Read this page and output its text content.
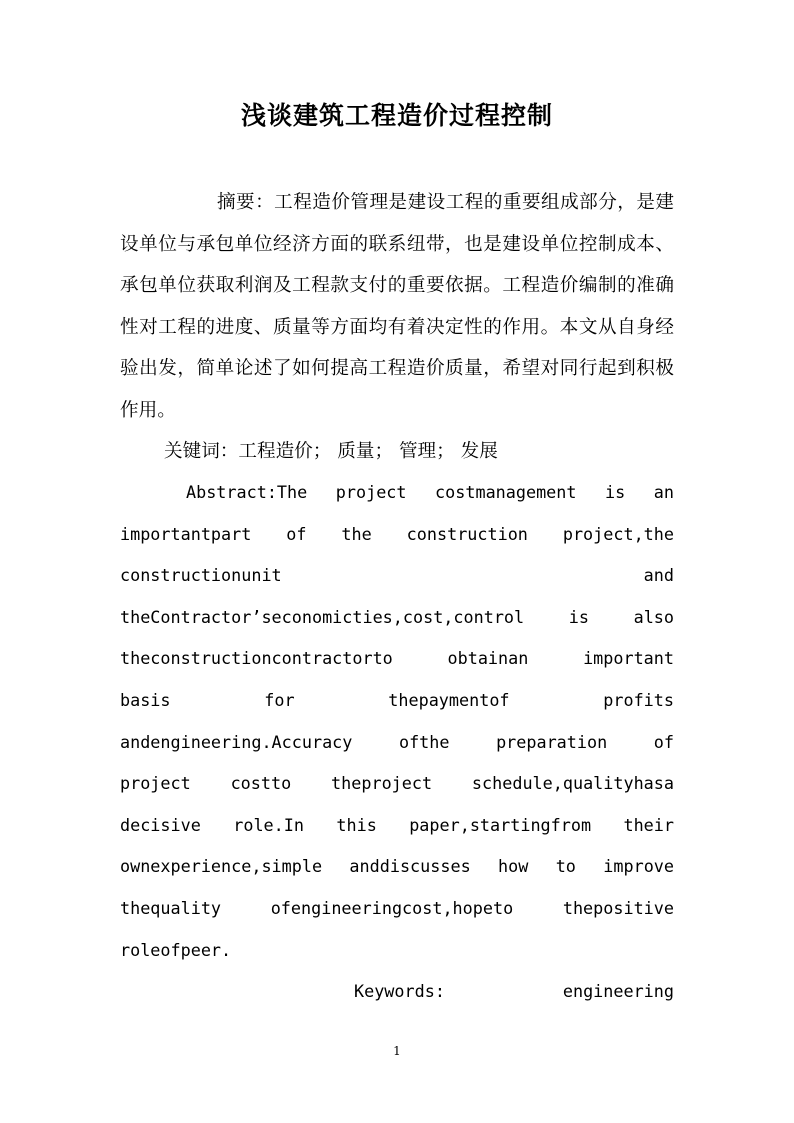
浅谈建筑工程造价过程控制

摘要：工程造价管理是建设工程的重要组成部分，是建设单位与承包单位经济方面的联系纽带，也是建设单位控制成本、承包单位获取利润及工程款支付的重要依据。工程造价编制的准确性对工程的进度、质量等方面均有着决定性的作用。本文从自身经验出发，简单论述了如何提高工程造价质量，希望对同行起到积极作用。

关键词：工程造价； 质量； 管理； 发展

Abstract:The project costmanagement is an
importantpart of the construction project,the
constructionunit and
theContractor’seconomicties,cost,control is also
theconstructioncontractorto obtainan important
basis for thepaymentof profits
andengineering.Accuracy ofthe preparation of
project costto theproject schedule,qualityhasa
decisive role.In this paper,startingfrom their
ownexperience,simple anddiscusses how to improve
thequality ofengineeringcost,hopeto thepositive
roleofpeer.

Keywords: engineering

1
